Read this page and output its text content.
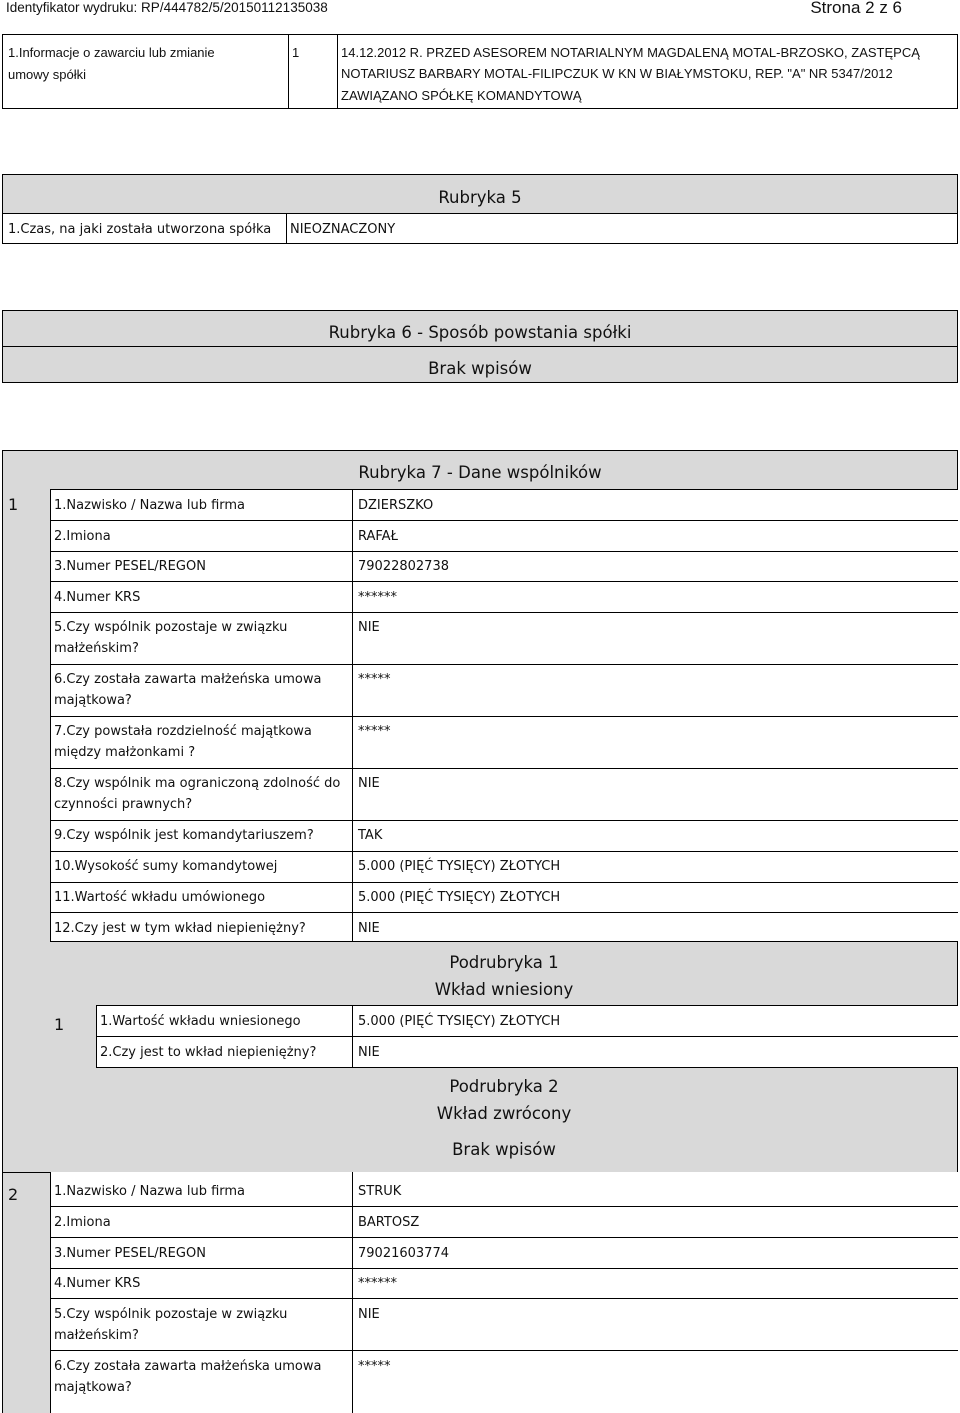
Identyfikator wydruku: RP/444782/5/20150112135038	Strona 2 z 6
1.Informacje o zawarciu lub zmianie
umowy spółki
1	14.12.2012 R. PRZED ASESOREM NOTARIALNYM MAGDALENĄ MOTAL-BRZOSKO, ZASTĘPCĄ
NOTARIUSZ BARBARY MOTAL-FILIPCZUK W KN W BIAŁYMSTOKU, REP. "A" NR 5347/2012
ZAWIĄZANO SPÓŁKĘ KOMANDYTOWĄ
Rubryka 5
1.Czas, na jaki została utworzona spółka NIEOZNACZONY
Rubryka 6 - Sposób powstania spółki
Brak wpisów
Rubryka 7 - Dane wspólników
1	1.Nazwisko / Nazwa lub firma	DZIERSZKO
2.Imiona	RAFAŁ
3.Numer PESEL/REGON	79022802738
4.Numer KRS	******
5.Czy wspólnik pozostaje w związku
małżeńskim?
NIE
6.Czy została zawarta małżeńska umowa
majątkowa?
*****
7.Czy powstała rozdzielność majątkowa
między małżonkami ?
*****
8.Czy wspólnik ma ograniczoną zdolność do
czynności prawnych?
NIE
9.Czy wspólnik jest komandytariuszem?	TAK
10.Wysokość sumy komandytowej	5.000 (PIĘĆ TYSIĘCY) ZŁOTYCH
11.Wartość wkładu umówionego	5.000 (PIĘĆ TYSIĘCY) ZŁOTYCH
12.Czy jest w tym wkład niepieniężny?	NIE
Podrubryka 1
Wkład wniesiony
1	1.Wartość wkładu wniesionego	5.000 (PIĘĆ TYSIĘCY) ZŁOTYCH
2.Czy jest to wkład niepieniężny?	NIE
Podrubryka 2
Wkład zwrócony
Brak wpisów
2	1.Nazwisko / Nazwa lub firma	STRUK
2.Imiona	BARTOSZ
3.Numer PESEL/REGON	79021603774
4.Numer KRS	******
5.Czy wspólnik pozostaje w związku
małżeńskim?
NIE
6.Czy została zawarta małżeńska umowa
majątkowa?
*****
